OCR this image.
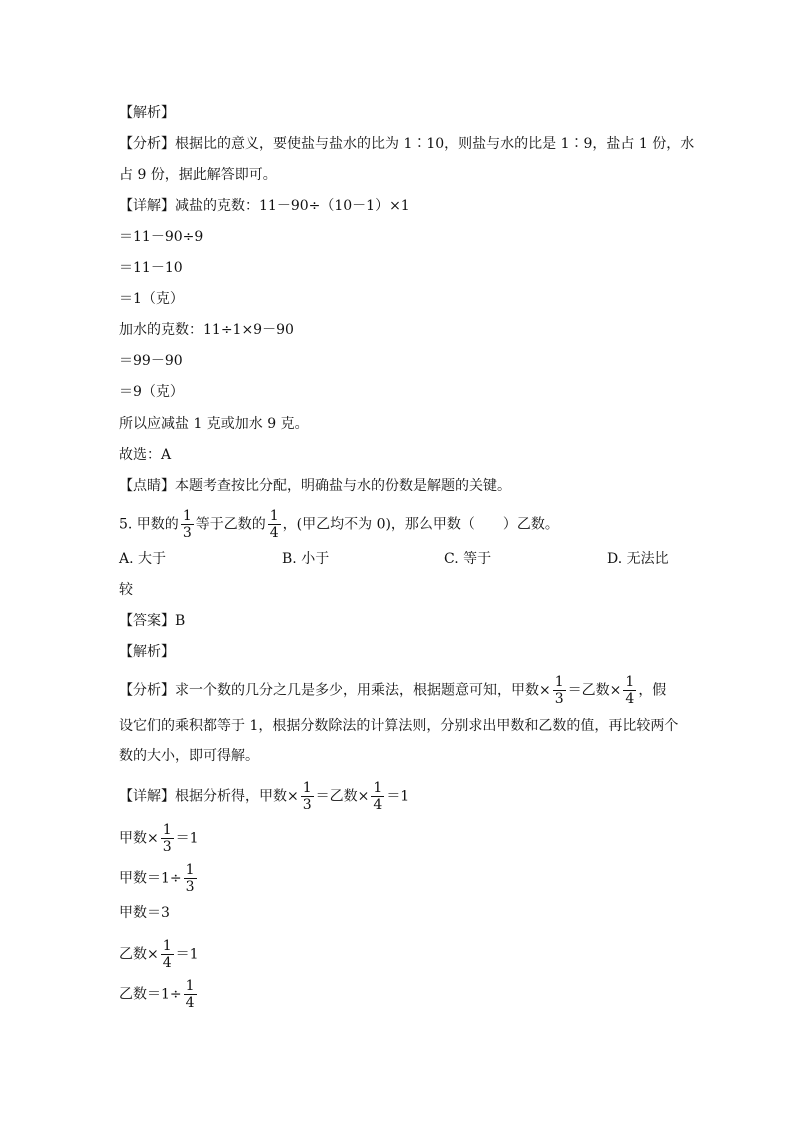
【解析】
【分析】根据比的意义，要使盐与盐水的比为 1∶10，则盐与水的比是 1∶9，盐占 1 份，水
占 9 份，据此解答即可。
【详解】减盐的克数：11－90÷（10－1）×1
＝11－90÷9
＝11－10
＝1（克）
加水的克数：11÷1×9－90
＝99－90
＝9（克）
所以应减盐 1 克或加水 9 克。
故选：A
【点睛】本题考查按比分配，明确盐与水的份数是解题的关键。
5. 甲数的 $\frac{1}{3}$ 等于乙数的 $\frac{1}{4}$ ，(甲乙均不为 0)，那么甲数（　　）乙数。
A. 大于	B. 小于	C. 等于	D. 无法比
较
【答案】B
【解析】
【分析】求一个数的几分之几是多少，用乘法，根据题意可知，甲数× $\frac{1}{3}$ ＝乙数× $\frac{1}{4}$ ，假
设它们的乘积都等于 1，根据分数除法的计算法则，分别求出甲数和乙数的值，再比较两个
数的大小，即可得解。
【详解】根据分析得，甲数× $\frac{1}{3}$ ＝乙数× $\frac{1}{4} =1$
甲数× $\frac{1}{3} =1$
甲数$=1\div \frac{1}{3}$
甲数＝3
乙数× $\frac{1}{4} =1$
乙数$=1\div \frac{1}{4}$
